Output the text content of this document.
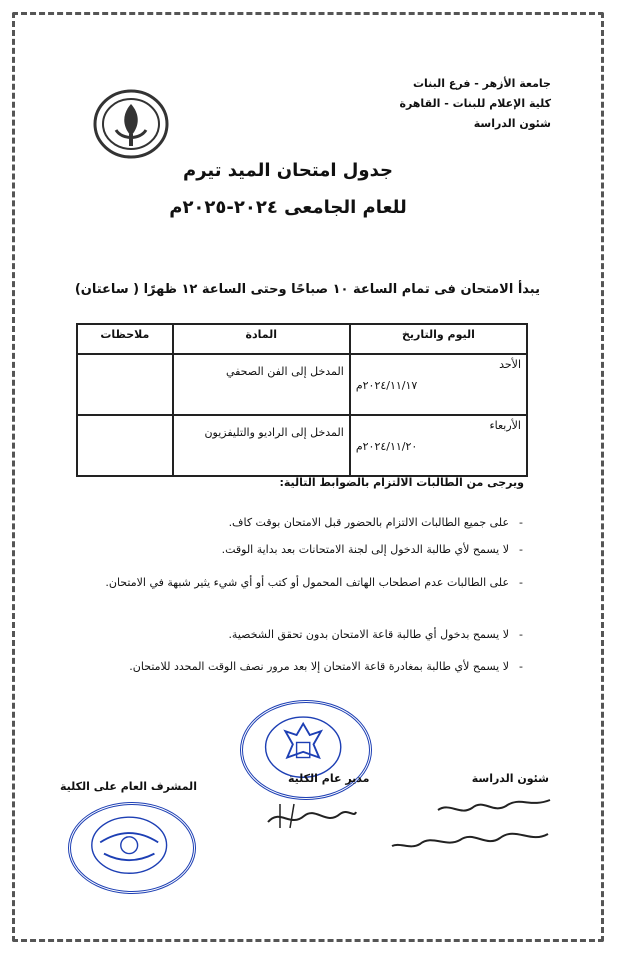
جامعة الأزهر - فرع البنات
كلية الإعلام للبنات - القاهرة
شئون الدراسة
جدول امتحان الميد تيرم
للعام الجامعى ٢٠٢٤-٢٠٢٥م
يبدأ الامتحان فى تمام الساعة ١٠ صباحًا وحتى الساعة ١٢ ظهرًا ( ساعتان)
اليوم والتاريخ	المادة	ملاحظات

الأحد
٢٠٢٤/١١/١٧م	المدخل إلى الفن الصحفي	

الأربعاء
٢٠٢٤/١١/٢٠م	المدخل إلى الراديو والتليفزيون	
ويرجى من الطالبات الالتزام بالضوابط التالية:
-على جميع الطالبات الالتزام بالحضور قبل الامتحان بوقت كاف.
-لا يسمح لأي طالبة الدخول إلى لجنة الامتحانات بعد بداية الوقت.
-على الطالبات عدم اصطحاب الهاتف المحمول أو كتب أو أي شيء يثير شبهة في الامتحان.
-لا يسمح بدخول أي طالبة قاعة الامتحان بدون تحقق الشخصية.
-لا يسمح لأي طالبة بمغادرة قاعة الامتحان إلا بعد مرور نصف الوقت المحدد للامتحان.
شئون الدراسة
مدير عام الكلية
المشرف العام على الكلية
